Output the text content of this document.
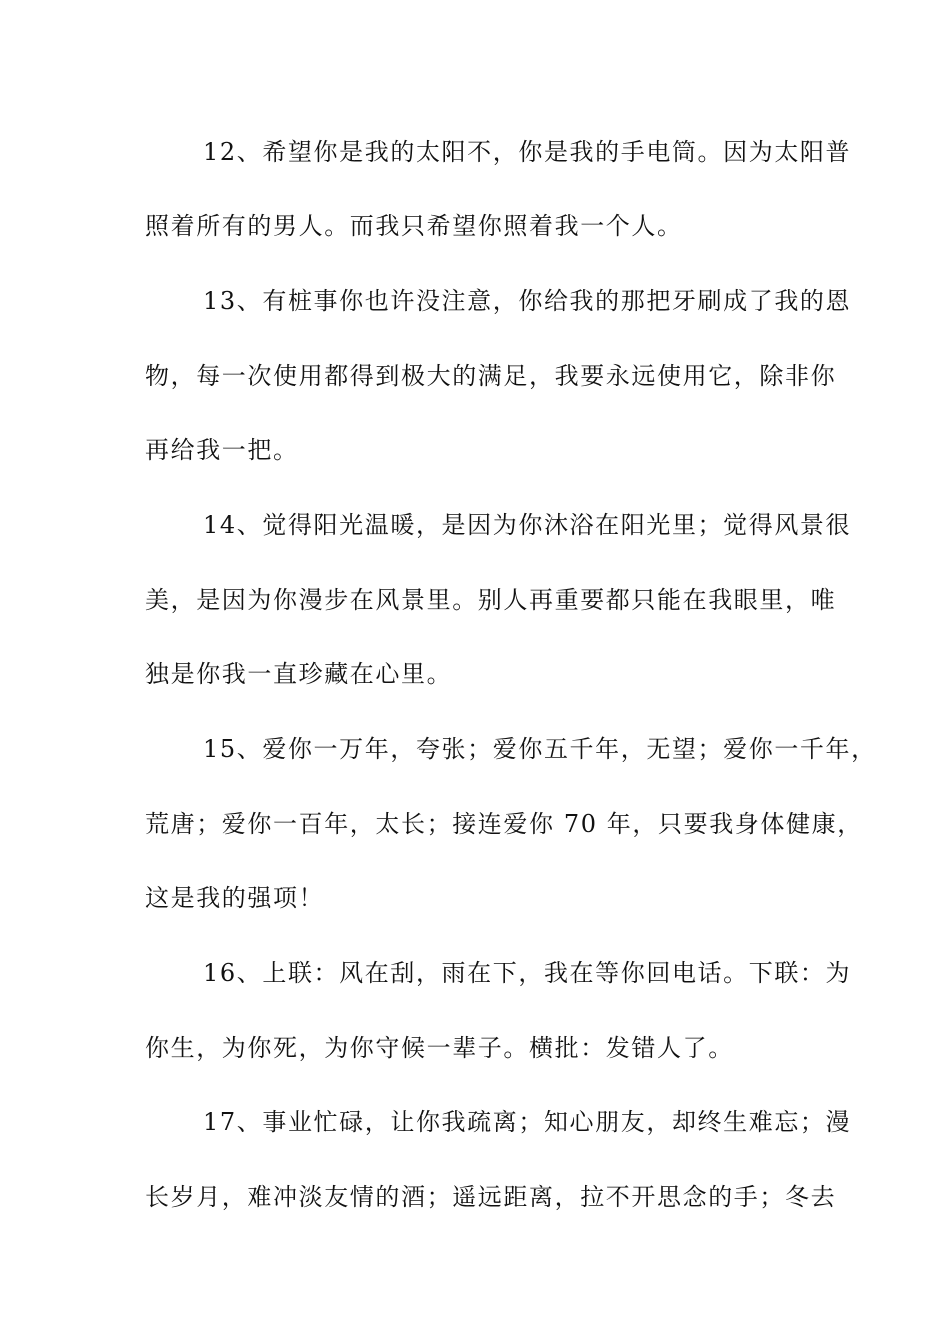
12、希望你是我的太阳不，你是我的手电筒。因为太阳普

照着所有的男人。而我只希望你照着我一个人。

13、有桩事你也许没注意，你给我的那把牙刷成了我的恩

物，每一次使用都得到极大的满足，我要永远使用它，除非你

再给我一把。

14、觉得阳光温暖，是因为你沐浴在阳光里；觉得风景很

美，是因为你漫步在风景里。别人再重要都只能在我眼里，唯

独是你我一直珍藏在心里。

15、爱你一万年，夸张；爱你五千年，无望；爱你一千年，

荒唐；爱你一百年，太长；接连爱你 70 年，只要我身体健康，

这是我的强项！

16、上联：风在刮，雨在下，我在等你回电话。下联：为

你生，为你死，为你守候一辈子。横批：发错人了。

17、事业忙碌，让你我疏离；知心朋友，却终生难忘；漫

长岁月，难冲淡友情的酒；遥远距离，拉不开思念的手；冬去
